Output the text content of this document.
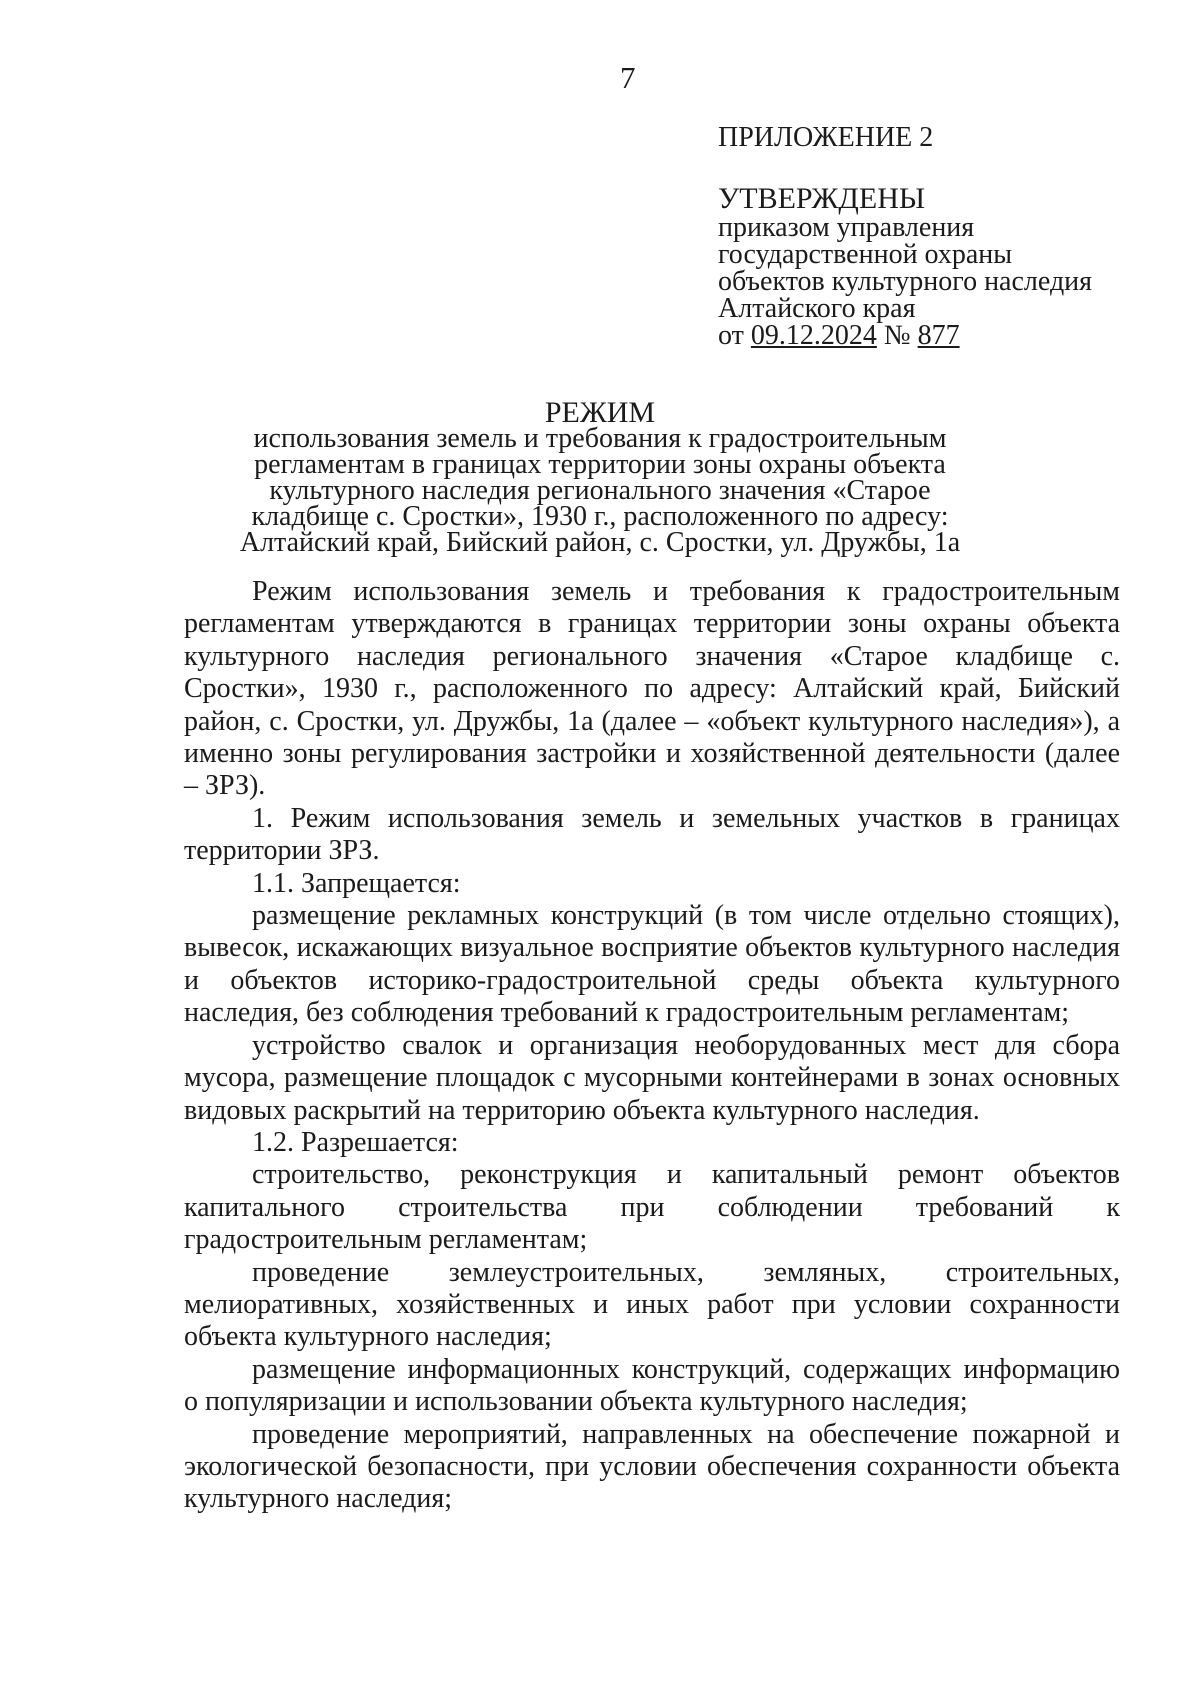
7
ПРИЛОЖЕНИЕ 2
УТВЕРЖДЕНЫ
приказом управления
государственной охраны
объектов культурного наследия
Алтайского края
от 09.12.2024 № 877
РЕЖИМ
использования земель и требования к градостроительным
регламентам в границах территории зоны охраны объекта
культурного наследия регионального значения «Старое
кладбище с. Сростки», 1930 г., расположенного по адресу:
Алтайский край, Бийский район, с. Сростки, ул. Дружбы, 1а

Режим использования земель и требования к градостроительным регламентам утверждаются в границах территории зоны охраны объекта культурного наследия регионального значения «Старое кладбище с. Сростки», 1930 г., расположенного по адресу: Алтайский край, Бийский район, с. Сростки, ул. Дружбы, 1а (далее – «объект культурного наследия»), а именно зоны регулирования застройки и хозяйственной деятельности (далее – ЗРЗ).

1. Режим использования земель и земельных участков в границах территории ЗРЗ.

1.1. Запрещается:

размещение рекламных конструкций (в том числе отдельно стоящих), вывесок, искажающих визуальное восприятие объектов культурного наследия и объектов историко-градостроительной среды объекта культурного наследия, без соблюдения требований к градостроительным регламентам;

устройство свалок и организация необорудованных мест для сбора мусора, размещение площадок с мусорными контейнерами в зонах основных видовых раскрытий на территорию объекта культурного наследия.

1.2. Разрешается:

строительство, реконструкция и капитальный ремонт объектов капитального строительства при соблюдении требований к градостроительным регламентам;

проведение землеустроительных, земляных, строительных, мелиоративных, хозяйственных и иных работ при условии сохранности объекта культурного наследия;

размещение информационных конструкций, содержащих информацию о популяризации и использовании объекта культурного наследия;

проведение мероприятий, направленных на обеспечение пожарной и экологической безопасности, при условии обеспечения сохранности объекта культурного наследия;
